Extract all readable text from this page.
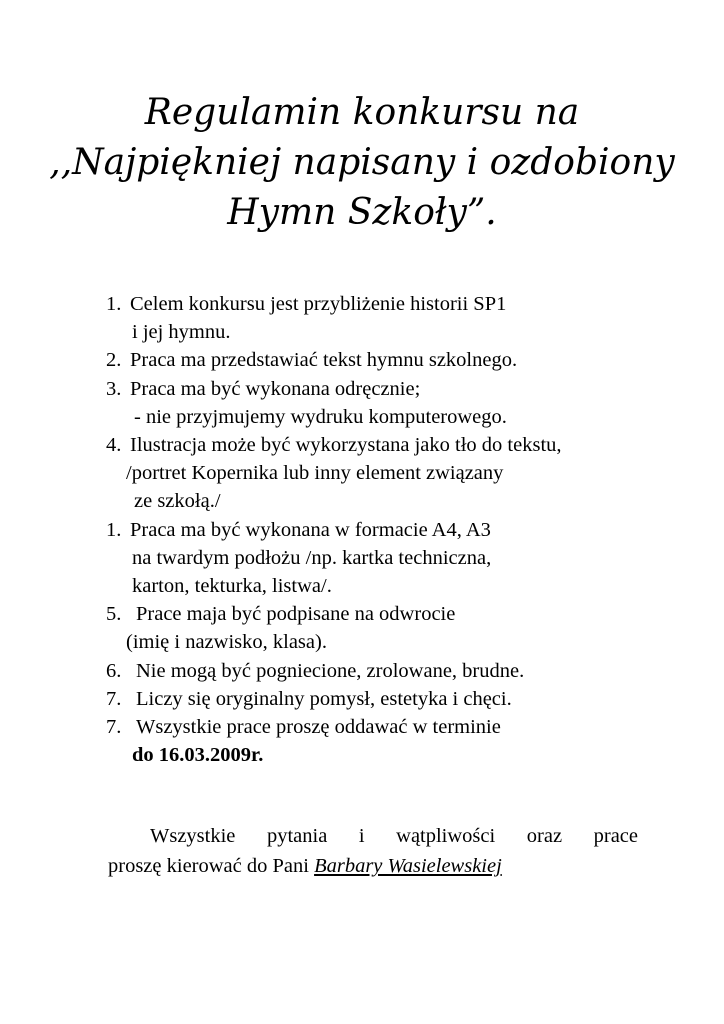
Regulamin konkursu na
,,Najpiękniej napisany i ozdobiony
Hymn Szkoły”.
1. Celem konkursu jest przybliżenie historii SP1
i jej hymnu.
2. Praca ma przedstawiać tekst hymnu szkolnego.
3. Praca ma być wykonana odręcznie;
- nie przyjmujemy wydruku komputerowego.
4. Ilustracja może być wykorzystana jako tło do tekstu,
/portret Kopernika lub inny element związany
ze szkołą./
1. Praca ma być wykonana w formacie A4, A3
na twardym podłożu /np. kartka techniczna,
karton, tekturka, listwa/.
5. Prace maja być podpisane na odwrocie
(imię i nazwisko, klasa).
6. Nie mogą być pogniecione, zrolowane, brudne.
7. Liczy się oryginalny pomysł, estetyka i chęci.
7. Wszystkie prace proszę oddawać w terminie
do 16.03.2009r.
Wszystkie pytania i wątpliwości oraz prace
proszę kierować do Pani Barbary Wasielewskiej
